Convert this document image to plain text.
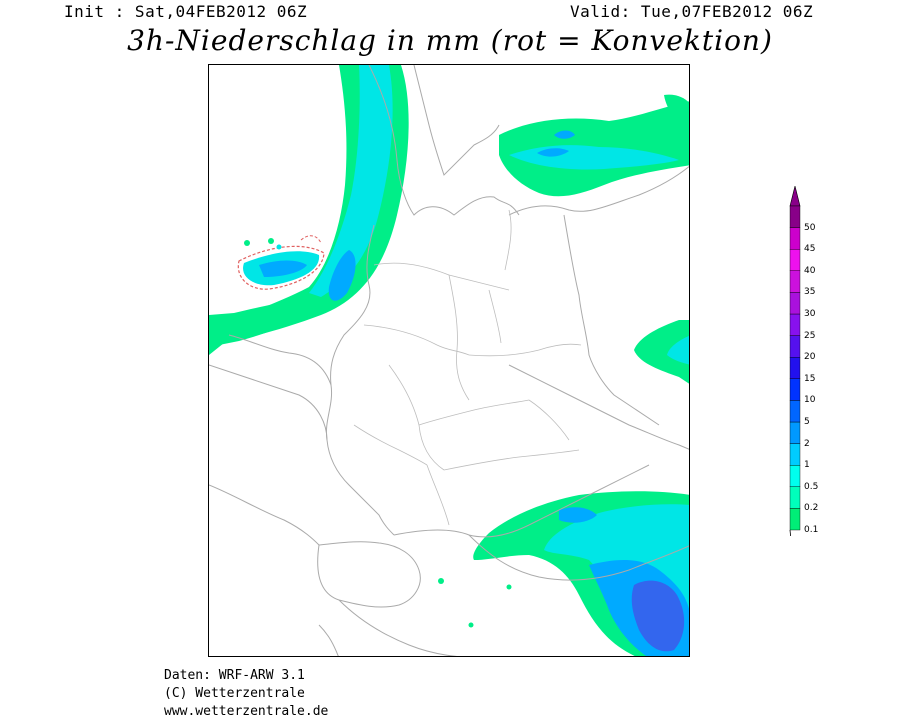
Init : Sat,04FEB2012 06Z	Valid: Tue,07FEB2012 06Z
3h-Niederschlag in mm (rot = Konvektion)
0.1
0.2
0.5
1
2
5
10
15
20
25
30
35
40
45
50
Daten: WRF-ARW 3.1
(C) Wetterzentrale
www.wetterzentrale.de
